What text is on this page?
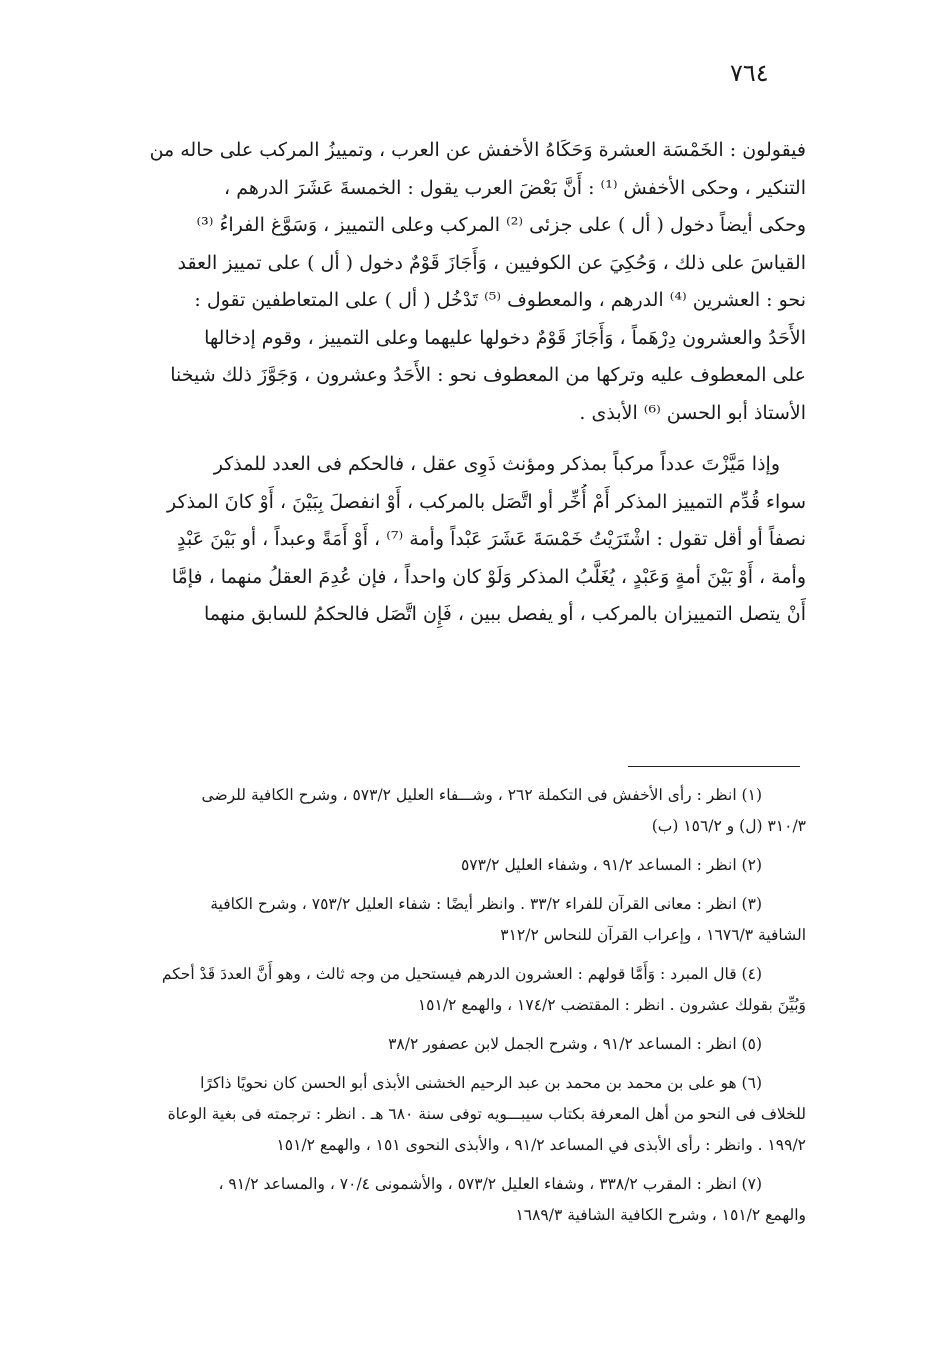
٧٦٤
فيقولون : الخَمْسَة العشرة وَحَكَاهُ الأخفش عن العرب ، وتمييزُ المركب على حاله من
التنكير ، وحكى الأخفش ⁽¹⁾ : أَنَّ بَعْضَ العرب يقول : الخمسةَ عَشَرَ الدرهم ،
وحكى أيضاً دخول ( أل ) على جزئى ⁽²⁾ المركب وعلى التمييز ، وَسَوَّغ الفراءُ ⁽³⁾
القياسَ على ذلك ، وَحُكِيَ عن الكوفيين ، وَأَجَازَ قَوْمٌ دخول ( أل ) على تمييز العقد
نحو : العشرين ⁽⁴⁾ الدرهم ، والمعطوف ⁽⁵⁾ تَدْخُل ( أل ) على المتعاطفين تقول :
الأَحَدُ والعشرون دِرْهَماً ، وَأَجَازَ قَوْمٌ دخولها عليهما وعلى التمييز ، وقوم إدخالها
على المعطوف عليه وتركها من المعطوف نحو : الأَحَدُ وعشرون ، وَجَوَّزَ ذلك شيخنا
الأستاذ أبو الحسن ⁽⁶⁾ الأبذى .
وإذا مَيَّزْتَ عدداً مركباً بمذكر ومؤنث ذَوِى عقل ، فالحكم فى العدد للمذكر
سواء قُدِّم التمييز المذكر أَمْ أُخِّر أو اتَّصَل بالمركب ، أَوْ انفصلَ بِبَيْنَ ، أَوْ كانَ المذكر
نصفاً أو أقل تقول : اشْتَرَيْتُ خَمْسَةَ عَشَرَ عَبْداً وأمة ⁽⁷⁾ ، أَوْ أَمَةً وعبداً ، أو بَيْنَ عَبْدٍ
وأمة ، أَوْ بَيْنَ أمةٍ وَعَبْدٍ ، يُغَلَّبُ المذكر وَلَوْ كان واحداً ، فإن عُدِمَ العقلُ منهما ، فإمَّا
أَنْ يتصل التمييزان بالمركب ، أو يفصل ببين ، فَإِن اتَّصَل فالحكمُ للسابق منهما
(١) انظر : رأى الأخفش فى التكملة ٢٦٢ ، وشـــفاء العليل ٥٧٣/٢ ، وشرح الكافية للرضى
٣١٠/٣ (ل) و ١٥٦/٢ (ب)
(٢) انظر : المساعد ٩١/٢ ، وشفاء العليل ٥٧٣/٢
(٣) انظر : معانى القرآن للفراء ٣٣/٢ . وانظر أيضًا : شفاء العليل ٧٥٣/٢ ، وشرح الكافية
الشافية ١٦٧٦/٣ ، وإعراب القرآن للنحاس ٣١٢/٢
(٤) قال المبرد : وَأَمَّا قولهم : العشرون الدرهم فيستحيل من وجه ثالث ، وهو أَنَّ العددَ قَدْ أحكم
وَبُيِّنَ بقولك عشرون . انظر : المقتضب ١٧٤/٢ ، والهمع ١٥١/٢
(٥) انظر : المساعد ٩١/٢ ، وشرح الجمل لابن عصفور ٣٨/٢
(٦) هو على بن محمد بن محمد بن عبد الرحيم الخشنى الأبذى أبو الحسن كان نحويًا ذاكرًا
للخلاف فى النحو من أهل المعرفة بكتاب سيبـــويه توفى سنة ٦٨٠ هـ . انظر : ترجمته فى بغية الوعاة
١٩٩/٢ . وانظر : رأى الأبذى في المساعد ٩١/٢ ، والأبذى النحوى ١٥١ ، والهمع ١٥١/٢
(٧) انظر : المقرب ٣٣٨/٢ ، وشفاء العليل ٥٧٣/٢ ، والأشمونى ٧٠/٤ ، والمساعد ٩١/٢ ،
والهمع ١٥١/٢ ، وشرح الكافية الشافية ١٦٨٩/٣
